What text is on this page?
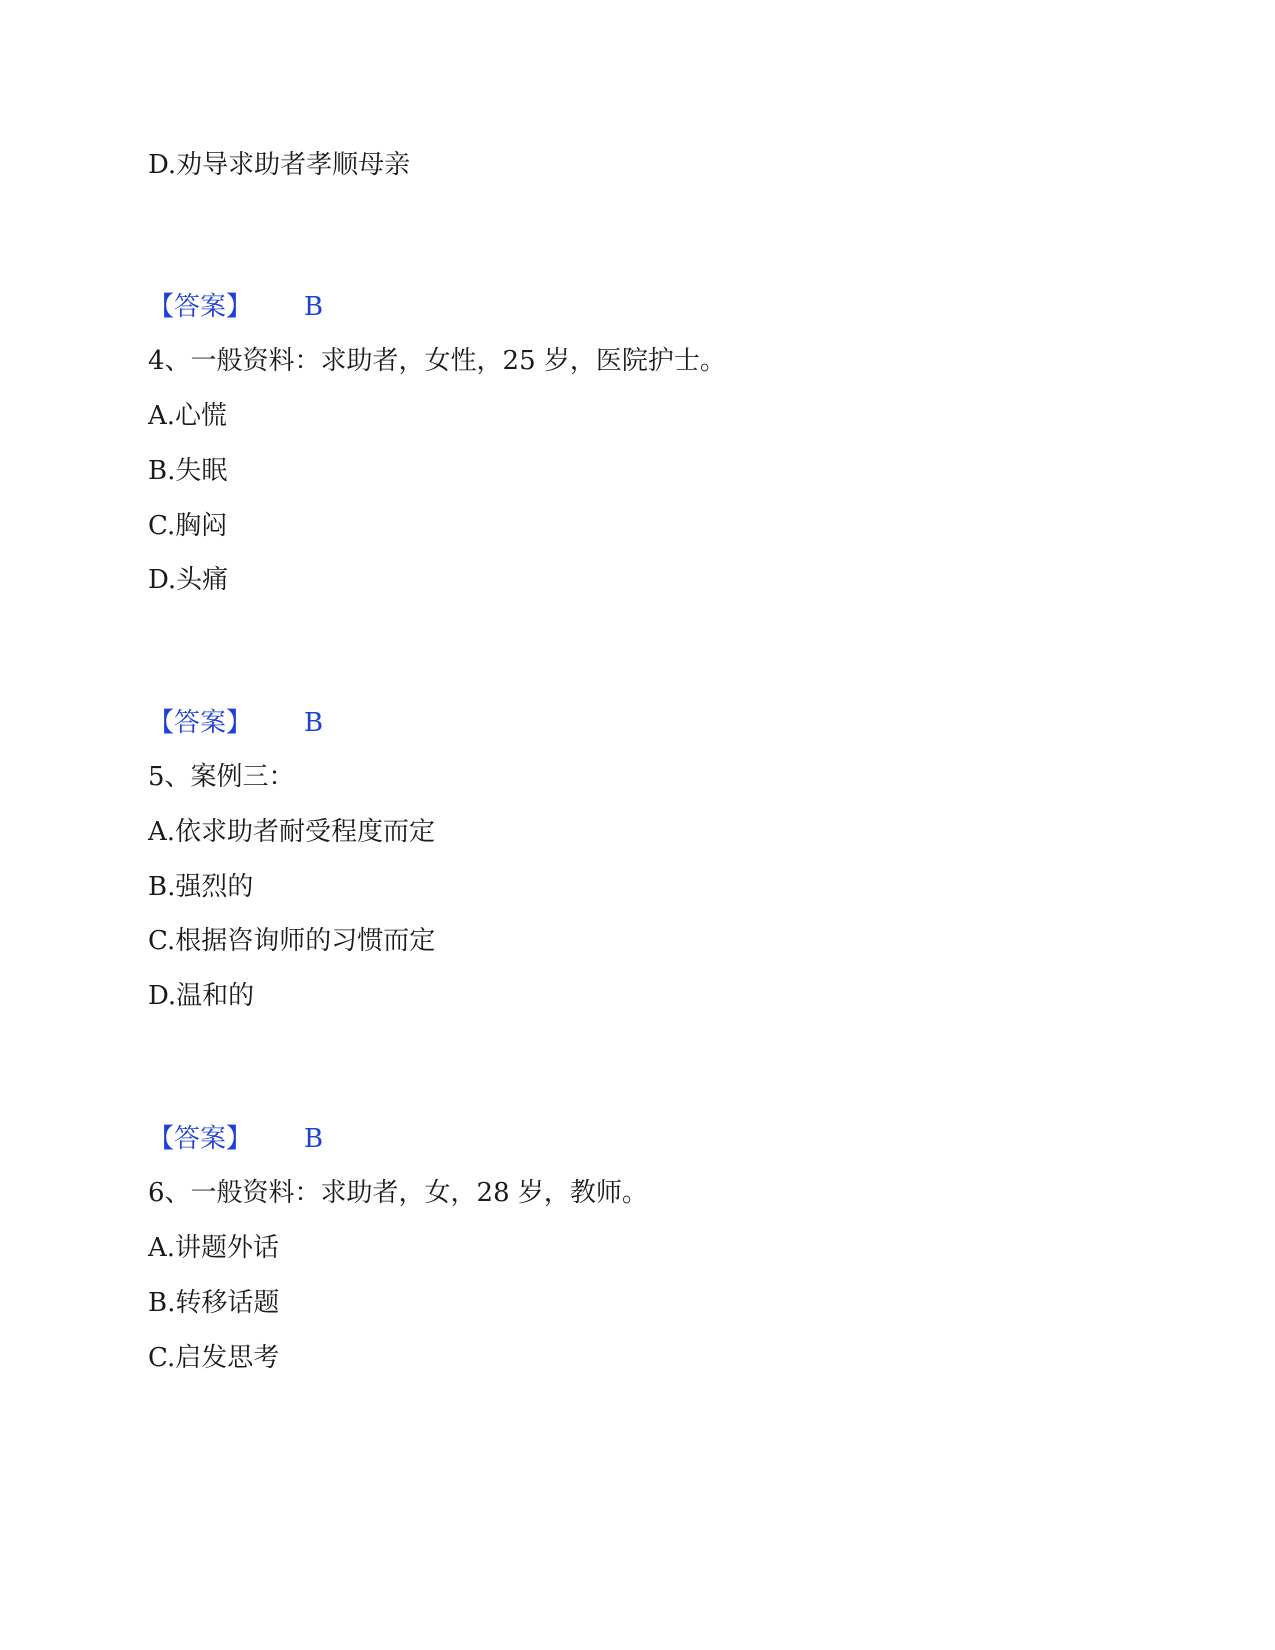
D.劝导求助者孝顺母亲
【答案】 B
4、一般资料：求助者，女性，25 岁，医院护士。
A.心慌
B.失眠
C.胸闷
D.头痛
【答案】 B
5、案例三：
A.依求助者耐受程度而定
B.强烈的
C.根据咨询师的习惯而定
D.温和的
【答案】 B
6、一般资料：求助者，女，28 岁，教师。
A.讲题外话
B.转移话题
C.启发思考
